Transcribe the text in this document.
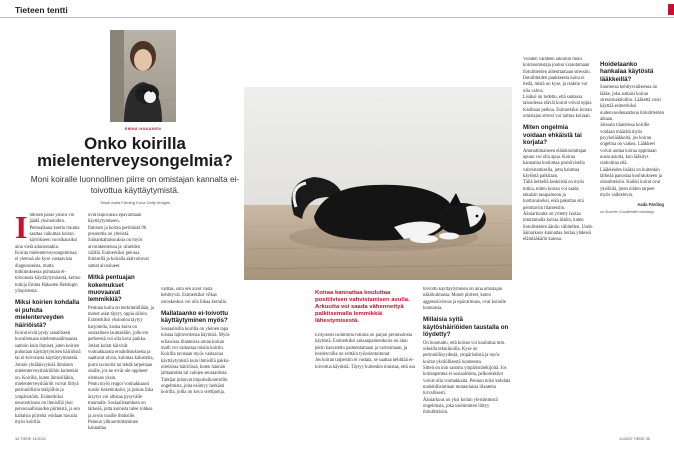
Tieteen tentti
EMMA HAKANEN
Onko koirilla mielenterveysongelmia?
Moni koiralle luonnollinen piirre on omistajan kannalta ei-toivottua käyttäytymistä.
Teksti Aada Färding Kuva Getty Images
I hmisen paras ystävä voi jäädä yksinoloihin. Pentuaikana koettu trauma saattaa vaikuttaa koiran käytökseen vuosikausiksi aina vielä aikuisenakin.

Koiran mielenterveysongelmissa ei yleensä ole kyse vastaavista diagnooseista, mutta tutkimuksessa puhutaan ei-toivotusta käyttäytymisestä, kertoo tutkija Emma Hakanen Helsingin yliopistosta.

Miksi koirien kohdalla ei puhuta mielenterveyden häiriöistä?

Koirat eivät pysty sanallisesti kuvailemaan mielenmaailmaansa samoin kuin ihmiset, joten koirien puhutaan käyttäytymisen häiriöistä tai ei-toivotusta käyttäytymisestä.

Joitain yhtäläisyyksiä ihmisten mielenterveyshäiriöihin kuitenkin on. Koirilla, kuten ihmisilläkin, mielenterveyshäiriöt voivat liittyä perinnöllisiin tekijöihin ja ympäristöön. Esimerkiksi neuroottisuus on ihmisillä yksi persoonallisuuden piirteistä, ja sen kaltaisia piirteitä voidaan havaita myös koirilla.

ovat taipuvaisia epävarmaan käyttäytymiseen.

Ihmisen ja koiran perimästä 96 prosenttia on yhteistä. Samankaltaisuuksia on myös aivorakenteissa ja -alueiden välillä. Esimerkiksi pelossa ihmisellä ja koiralla aktivoituvat samat aivoalueet.

Mitkä pentuajan kokemukset muovaavat lemmikkiä?

Pentuna koira on herkimmillään, ja monet asiat täytyy oppia silloin. Esimerkiksi yksinoloa täytyy harjoitella, koska koira on sosiaalinen laumaeläin, jolle ero perheestä voi olla kova paikka.

Jotkut koirat kärsivät voimakkaasta eroahdistuksesta ja saattavat ulvoa, kuluttaa kalusteita, purra tavaroita tai tehdä tarpeitaan sisälle, jos ne eivät ole oppineet olemaan yksin.

Pentu myös reagoi voimakkaasti uusiin kokemuksiin, ja joskus liika ärsytys voi altistaa pysyvälle traumalle. Sosiaalistaminen on tärkeää, jotta koirasta tulee rohkea ja avoin uusille ihmisille.

Pennun ylikuormittaminen kannattaa

välttää, sillä sen aivot vasta kehittyvät. Esimerkiksi vilkas ostoskeskus voi olla liikaa kerralla.

Mallataanko ei-toivottu käyttäytyminen myös?

Sosiaalisilla koirilla on yleinen tapa toistaa lajitoveriensa käytöstä. Myös erilaisissa tilanteissa oman koiran malli voi vaikuttaa toisiin koiriin.

Koirilla tavataan myös vastaavaa käyttäytymistä kuin ihmisillä pakko-oireisissa häiriöissä, kuten hännän jahtaamista tai valojen seuraamista. Tutkijat puhuvat impulssikontrollin ongelmista, joita esiintyy herkästi koirilla, joilla on kova viettipohja.

Koiraa kannattaa kouluttaa positiivisen vahvistamisen avulla. Arkuutta voi saada vähennettyä palkitsemalla lemmikkiä lähestymisestä.

Erityisesti isommilla rotuilla on paljon perinnöllistä käytöstä. Esimerkiksi saksanpaimenkoira on alun perin kasvatettu paimentamaan ja vartioimaan, ja bordercollie on erittäin työorientoitunut.

Jos koiran tarpeisiin ei vastata, se saattaa kehittää ei-toivottua käytöstä. Täytyy kuitenkin muistaa, että osa

toivottu käyttäytyminen on aina omistajan näkökulmasta. Monet piirteet, kuten aggressiivisuus ja epävarmuus, ovat koiralle luontaisia.

Millaisia syitä käytöshäiriöiden taustalla on löydetty?

On huomattu, että koiran voi kouluttaa mm. oikeilla tekniikoilla. Kyse on perinnöllisyydestä, ympäristöstä ja myös koiran yksilöllisestä luonteesta.

Sitten on niin sanottu ympäristötekijöitä. Jos koiranpentua ei sosiaalisteta, pelkoreaktiot voivat olla voimakkaita. Pennun tulisi kohdata mahdollisimman monenlaisia tilanteita turvallisesti.

Ääniarkuus on yksi koiran yleisimmistä ongelmista, joka useimmiten liittyy ilotulitteisiin.

Vuoden vaihteen aikoihin moni koiranomistaja joutuu varautumaan ilotulitteiden aiheuttamaan stressiin. Ilotulitteiden paukkeesta koira ei tiedä, mistä on kyse, ja reaktio voi olla vahva.

Lisäksi on todettu, että samassa taloudessa elävät koirat voivat oppia toisiltaan pelkoa. Esimerkiksi koiran omistajan stressi voi tarttua koiraan.

Miten ongelmia voidaan ehkäistä tai korjata?

Ammattimaiseen eläinkouluttajan apuun voi olla apua. Koiraa kannattaa kouluttaa positiivisella vahvistamisella, jotta haluttua käytöstä palkitaan.

Tällä hetkellä keskeistä on myös tutkia, miten koiran voi saada takaisin tasapainoon ja luottavaiseksi, eikä pakottaa sitä pelottaviin tilanteisiin.

Ääniarkuutta on yritetty hoitaa totuttamalla koiraa ääniin, kuten ilotulitteiden ääniin vähitellen. Usein ääniarkuus kannattaa hoitaa yhdessä eläinlääkärin kanssa.

Hoidetaanko hankalaa käytöstä lääkkeillä?

Suomessa kehitysvaiheessa on lääke, joka auttaisi koiran stressireaktioihin. Lääkettä voisi käyttää esimerkiksi uudenvuodenaattona ilotulitteiden aikaan.

Joissain tilanteissa koirille voidaan määrätä myös psyykelääkkeitä, jos koiran ongelma on vaikea. Lääkkeet voivat auttaa koiraa oppimaan uusia asioita, kun lääkitys rauhoittaa sitä.

Lääkkeiden lisäksi on kuitenkin tärkeää panostaa koulutukseen ja olosuhteisiin. Kaikki koirat ovat yksilöitä, joten niiden tarpeet myös vaihtelevat.

Aada Färding
on Suomen Kuvalehden toimittaja.
34 TIEDE 11/2022	11/2022 TIEDE 35
